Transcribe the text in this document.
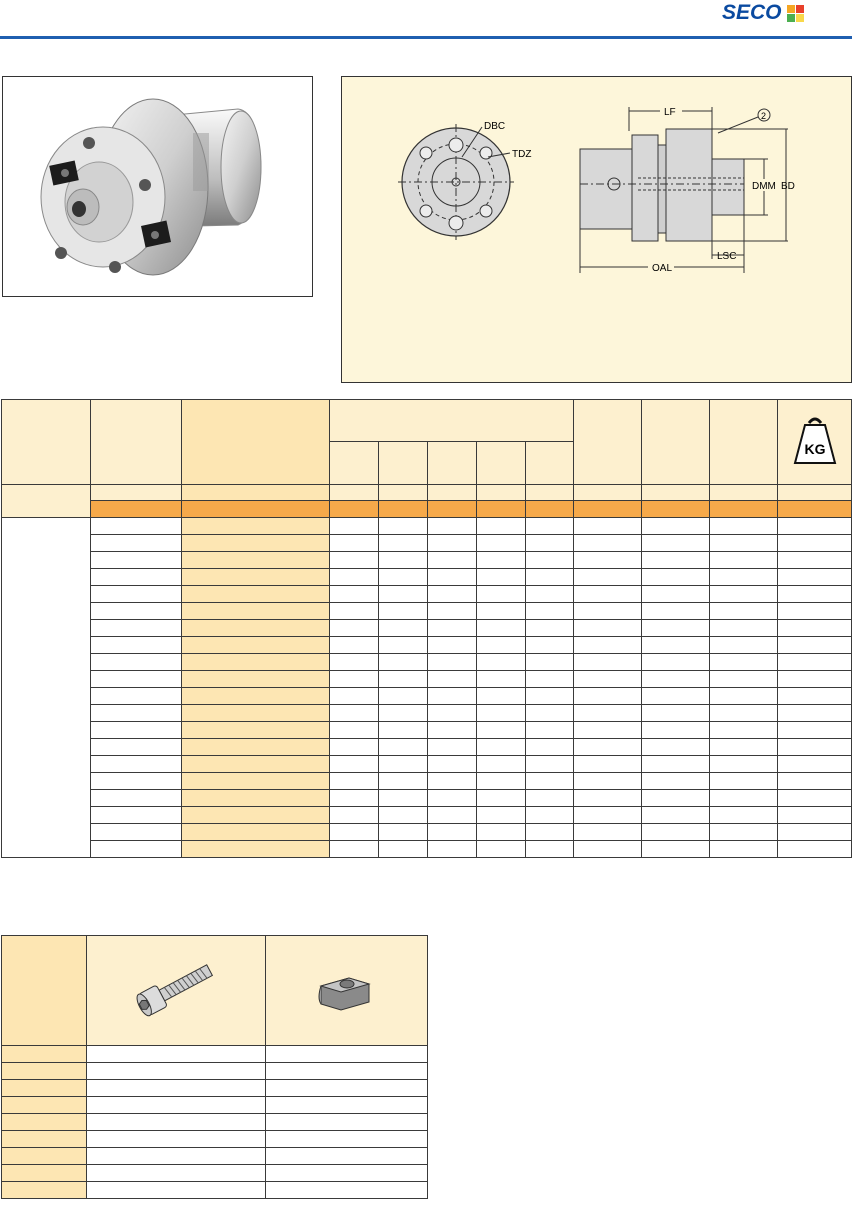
SECO
DBC
TDZ
LF	2
DMM BD
LSC
OAL

KG
